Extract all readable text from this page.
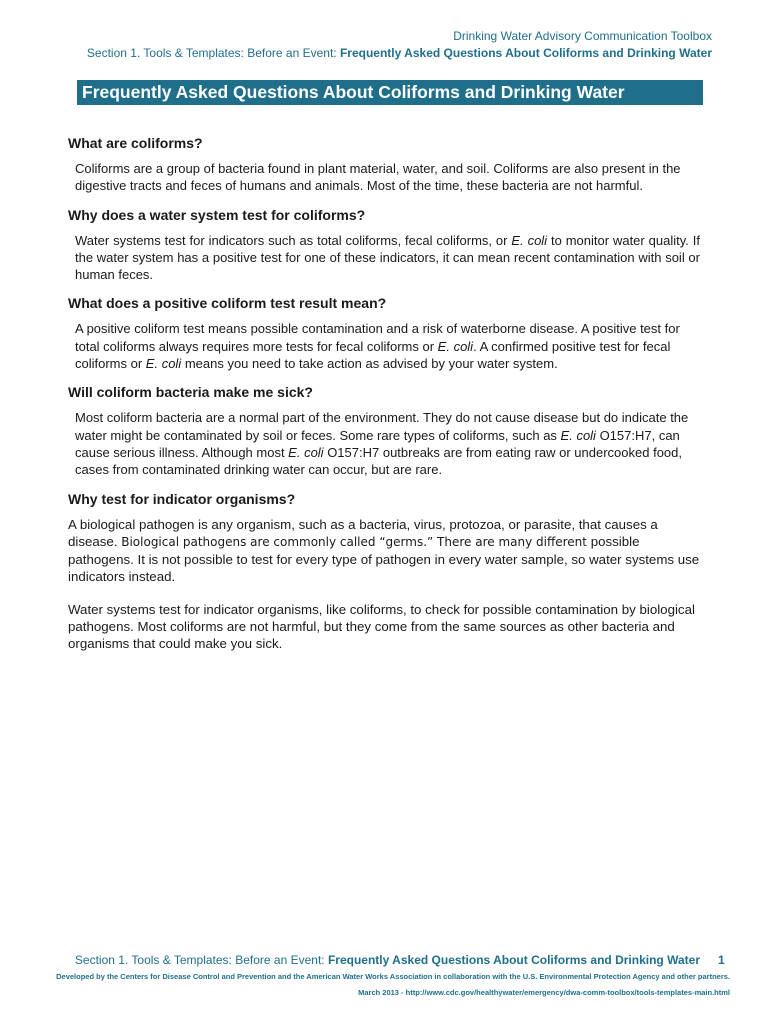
Drinking Water Advisory Communication Toolbox
Section 1. Tools & Templates: Before an Event: Frequently Asked Questions About Coliforms and Drinking Water
Frequently Asked Questions About Coliforms and Drinking Water
What are coliforms?
Coliforms are a group of bacteria found in plant material, water, and soil. Coliforms are also present in the digestive tracts and feces of humans and animals. Most of the time, these bacteria are not harmful.
Why does a water system test for coliforms?
Water systems test for indicators such as total coliforms, fecal coliforms, or E. coli to monitor water quality. If the water system has a positive test for one of these indicators, it can mean recent contamination with soil or human feces.
What does a positive coliform test result mean?
A positive coliform test means possible contamination and a risk of waterborne disease. A positive test for total coliforms always requires more tests for fecal coliforms or E. coli. A confirmed positive test for fecal coliforms or E. coli means you need to take action as advised by your water system.
Will coliform bacteria make me sick?
Most coliform bacteria are a normal part of the environment. They do not cause disease but do indicate the water might be contaminated by soil or feces. Some rare types of coliforms, such as E. coli O157:H7, can cause serious illness. Although most E. coli O157:H7 outbreaks are from eating raw or undercooked food, cases from contaminated drinking water can occur, but are rare.
Why test for indicator organisms?
A biological pathogen is any organism, such as a bacteria, virus, protozoa, or parasite, that causes a disease. Biological pathogens are commonly called “germs.” There are many different possible pathogens. It is not possible to test for every type of pathogen in every water sample, so water systems use indicators instead.
Water systems test for indicator organisms, like coliforms, to check for possible contamination by biological pathogens. Most coliforms are not harmful, but they come from the same sources as other bacteria and organisms that could make you sick.
Section 1. Tools & Templates: Before an Event: Frequently Asked Questions About Coliforms and Drinking Water 1
Developed by the Centers for Disease Control and Prevention and the American Water Works Association in collaboration with the U.S. Environmental Protection Agency and other partners.
March 2013 - http://www.cdc.gov/healthywater/emergency/dwa-comm-toolbox/tools-templates-main.html
